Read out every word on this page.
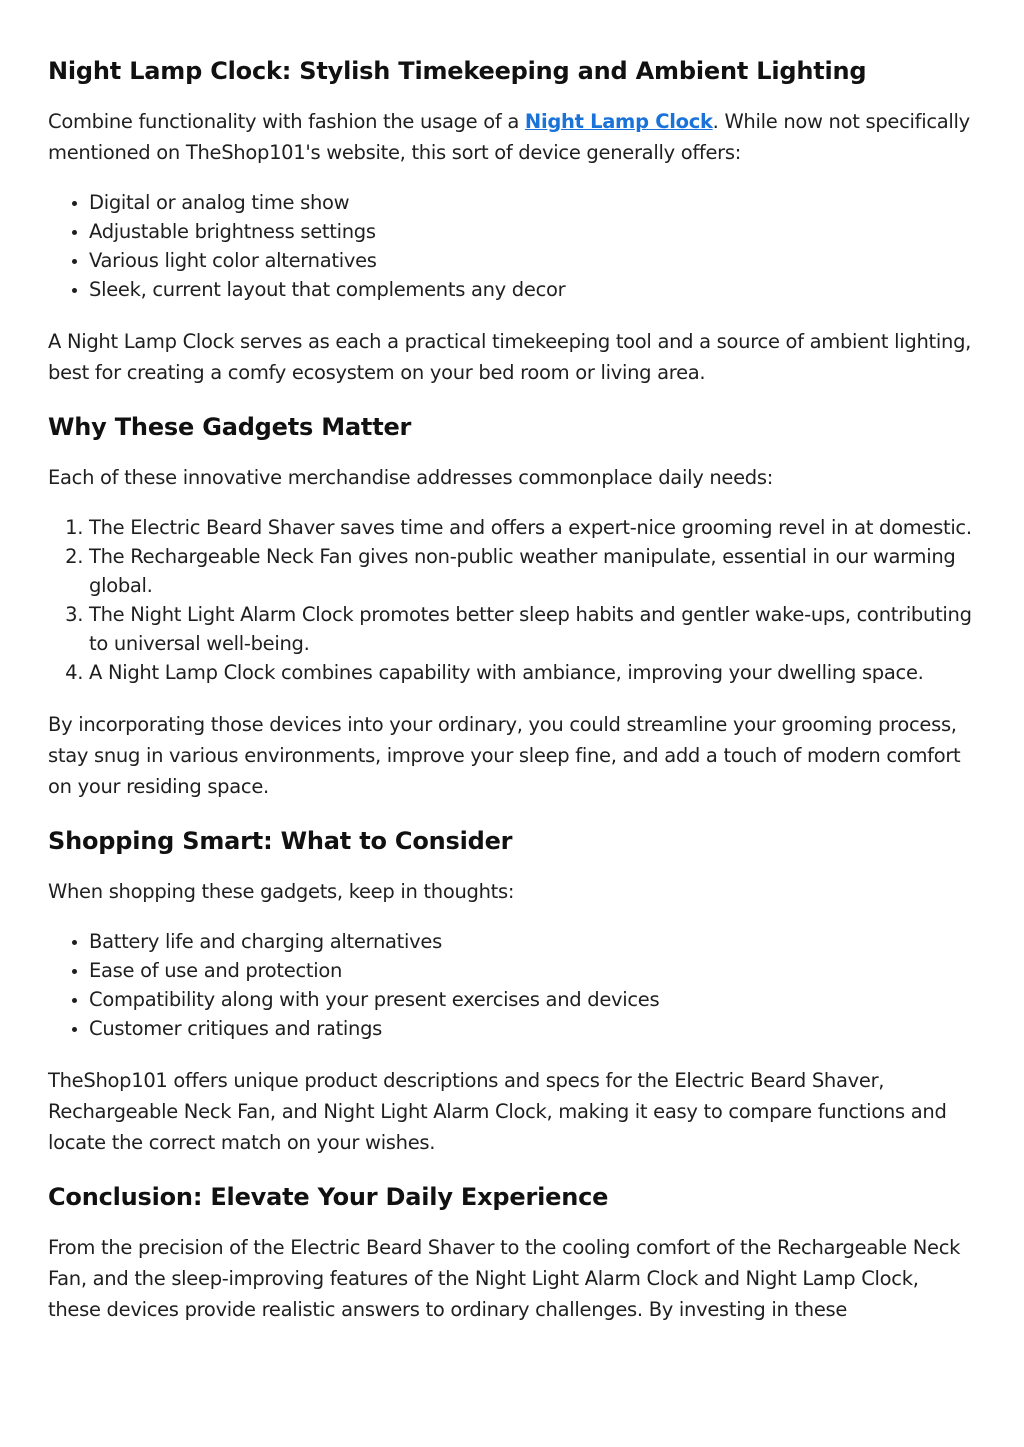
Night Lamp Clock: Stylish Timekeeping and Ambient Lighting

Combine functionality with fashion the usage of a Night Lamp Clock. While now not specifically mentioned on TheShop101's website, this sort of device generally offers:

• Digital or analog time show
• Adjustable brightness settings
• Various light color alternatives
• Sleek, current layout that complements any decor

A Night Lamp Clock serves as each a practical timekeeping tool and a source of ambient lighting, best for creating a comfy ecosystem on your bed room or living area.

Why These Gadgets Matter

Each of these innovative merchandise addresses commonplace daily needs:

1. The Electric Beard Shaver saves time and offers a expert-nice grooming revel in at domestic.
2. The Rechargeable Neck Fan gives non-public weather manipulate, essential in our warming global.
3. The Night Light Alarm Clock promotes better sleep habits and gentler wake-ups, contributing to universal well-being.
4. A Night Lamp Clock combines capability with ambiance, improving your dwelling space.

By incorporating those devices into your ordinary, you could streamline your grooming process, stay snug in various environments, improve your sleep fine, and add a touch of modern comfort on your residing space.

Shopping Smart: What to Consider

When shopping these gadgets, keep in thoughts:

• Battery life and charging alternatives
• Ease of use and protection
• Compatibility along with your present exercises and devices
• Customer critiques and ratings

TheShop101 offers unique product descriptions and specs for the Electric Beard Shaver, Rechargeable Neck Fan, and Night Light Alarm Clock, making it easy to compare functions and locate the correct match on your wishes.

Conclusion: Elevate Your Daily Experience

From the precision of the Electric Beard Shaver to the cooling comfort of the Rechargeable Neck Fan, and the sleep-improving features of the Night Light Alarm Clock and Night Lamp Clock, these devices provide realistic answers to ordinary challenges. By investing in these
